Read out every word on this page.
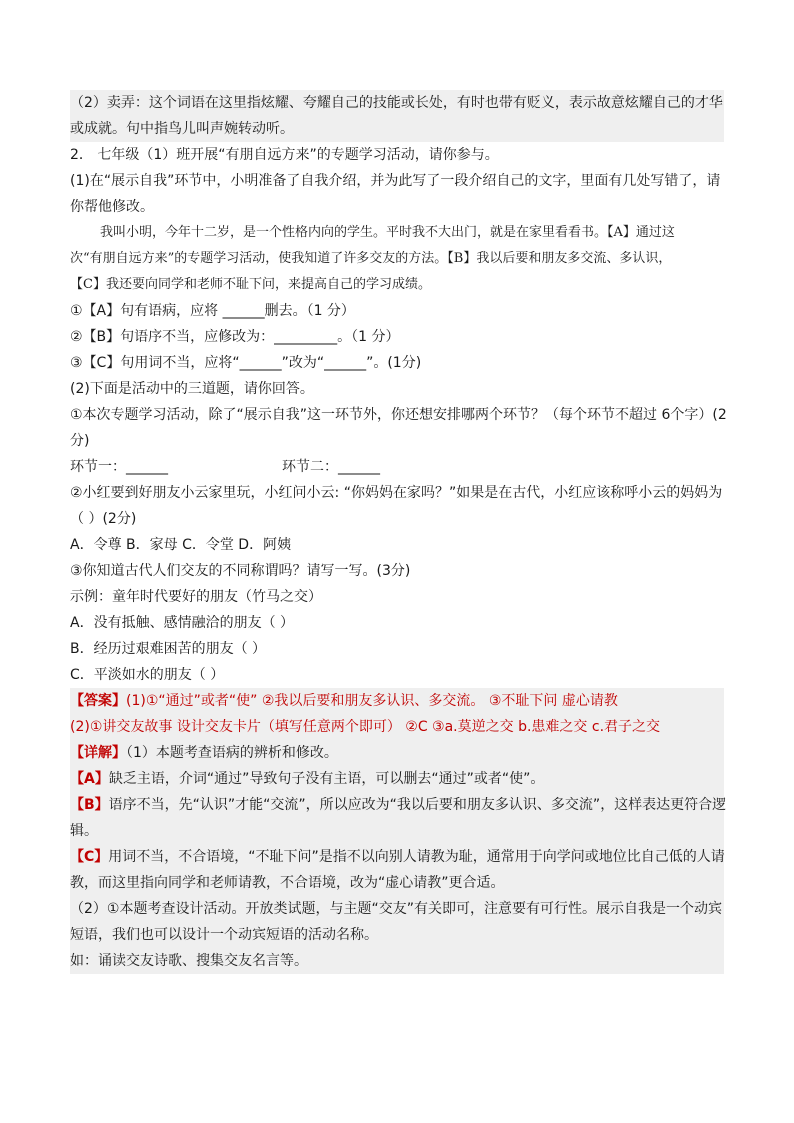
（2）卖弄：这个词语在这里指炫耀、夸耀自己的技能或长处，有时也带有贬义，表示故意炫耀自己的才华
或成就。句中指鸟儿叫声婉转动听。
2． 七年级（1）班开展“有朋自远方来”的专题学习活动，请你参与。
(1)在“展示自我”环节中，小明准备了自我介绍，并为此写了一段介绍自己的文字，里面有几处写错了，请
你帮他修改。
我叫小明，今年十二岁，是一个性格内向的学生。平时我不大出门，就是在家里看看书。【A】通过这
次“有朋自远方来”的专题学习活动，使我知道了许多交友的方法。【B】我以后要和朋友多交流、多认识，
【C】我还要向同学和老师不耻下问，来提高自己的学习成绩。
①【A】句有语病，应将 ______删去。（1 分）
②【B】句语序不当，应修改为：_________。（1 分）
③【C】句用词不当，应将“______”改为“______”。(1分)
(2)下面是活动中的三道题，请你回答。
①本次专题学习活动，除了“展示自我”这一环节外，你还想安排哪两个环节？（每个环节不超过 6个字）(2
分)
环节一：______	环节二：______
②小红要到好朋友小云家里玩，小红问小云: “你妈妈在家吗？”如果是在古代，小红应该称呼小云的妈妈为
（ ）(2分)
A．令尊 B．家母 C．令堂 D．阿姨
③你知道古代人们交友的不同称谓吗？请写一写。(3分)
示例：童年时代要好的朋友（竹马之交）
A．没有抵触、感情融洽的朋友（ ）
B．经历过艰难困苦的朋友（ ）
C．平淡如水的朋友（ ）
【答案】(1)①“通过”或者“使” ②我以后要和朋友多认识、多交流。 ③不耻下问 虚心请教
(2)①讲交友故事 设计交友卡片（填写任意两个即可） ②C ③a.莫逆之交 b.患难之交 c.君子之交
【详解】（1）本题考查语病的辨析和修改。
【A】缺乏主语，介词“通过”导致句子没有主语，可以删去“通过”或者“使”。
【B】语序不当，先“认识”才能“交流”，所以应改为“我以后要和朋友多认识、多交流”，这样表达更符合逻
辑。
【C】用词不当，不合语境，“不耻下问”是指不以向别人请教为耻，通常用于向学问或地位比自己低的人请
教，而这里指向同学和老师请教，不合语境，改为“虚心请教”更合适。
（2）①本题考查设计活动。开放类试题，与主题“交友”有关即可，注意要有可行性。展示自我是一个动宾
短语，我们也可以设计一个动宾短语的活动名称。
如：诵读交友诗歌、搜集交友名言等。
